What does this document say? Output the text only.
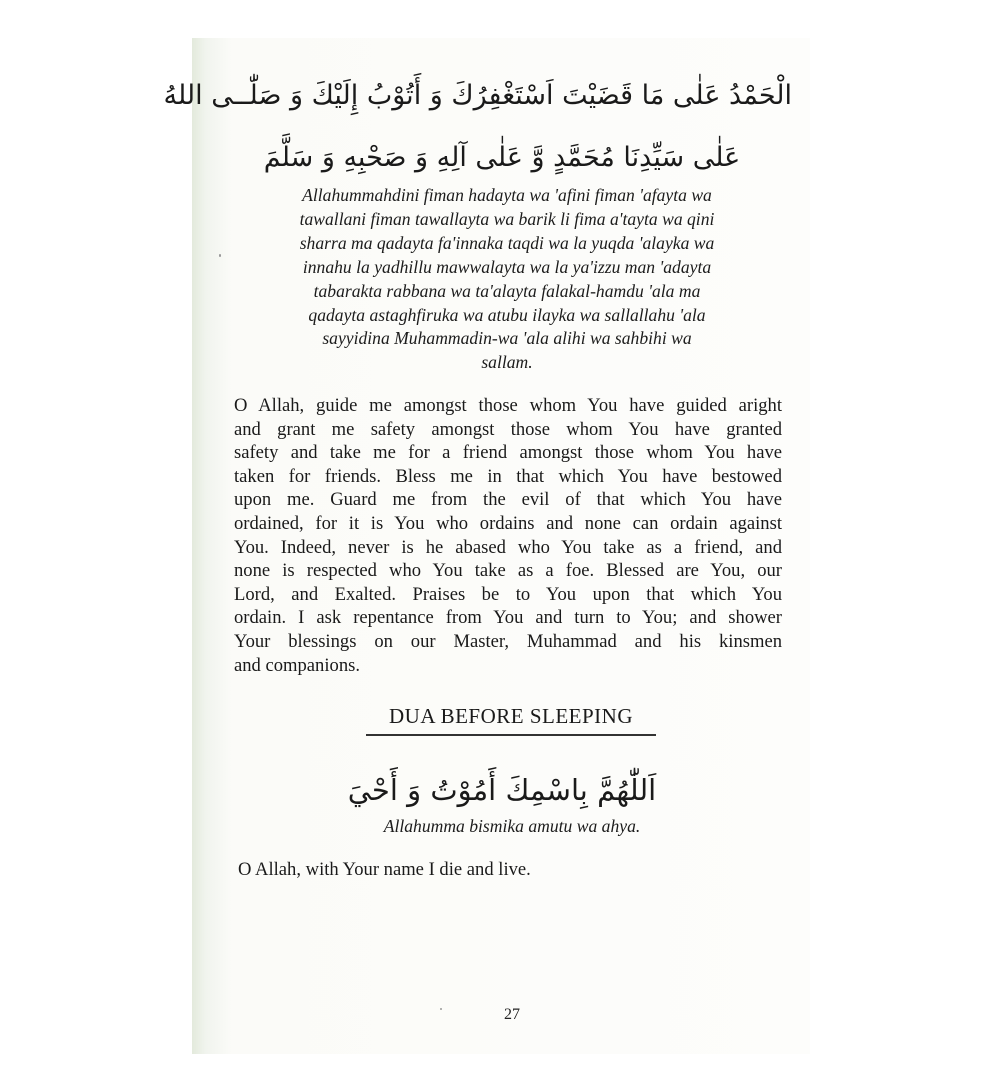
الْحَمْدُ عَلٰى مَا قَضَيْتَ اَسْتَغْفِرُكَ وَ أَتُوْبُ إِلَيْكَ وَ صَلّٰــى اللهُ
عَلٰى سَيِّدِنَا مُحَمَّدٍ وَّ عَلٰى آلِهِ وَ صَحْبِهِ وَ سَلَّمَ
Allahummahdini fiman hadayta wa 'afini fiman 'afayta wa
tawallani fiman tawallayta wa barik li fima a'tayta wa qini
sharra ma qadayta fa'innaka taqdi wa la yuqda 'alayka wa
innahu la yadhillu mawwalayta wa la ya'izzu man 'adayta
tabarakta rabbana wa ta'alayta falakal-hamdu 'ala ma
qadayta astaghfiruka wa atubu ilayka wa sallallahu 'ala
sayyidina Muhammadin-wa 'ala alihi wa sahbihi wa
sallam.
O Allah, guide me amongst those whom You have guided aright
and grant me safety amongst those whom You have granted
safety and take me for a friend amongst those whom You have
taken for friends. Bless me in that which You have bestowed
upon me. Guard me from the evil of that which You have
ordained, for it is You who ordains and none can ordain against
You. Indeed, never is he abased who You take as a friend, and
none is respected who You take as a foe. Blessed are You, our
Lord, and Exalted. Praises be to You upon that which You
ordain. I ask repentance from You and turn to You; and shower
Your blessings on our Master, Muhammad and his kinsmen
and companions.
DUA BEFORE SLEEPING
اَللّٰهُمَّ بِاسْمِكَ أَمُوْتُ وَ أَحْيَ
Allahumma bismika amutu wa ahya.
O Allah, with Your name I die and live.
27
